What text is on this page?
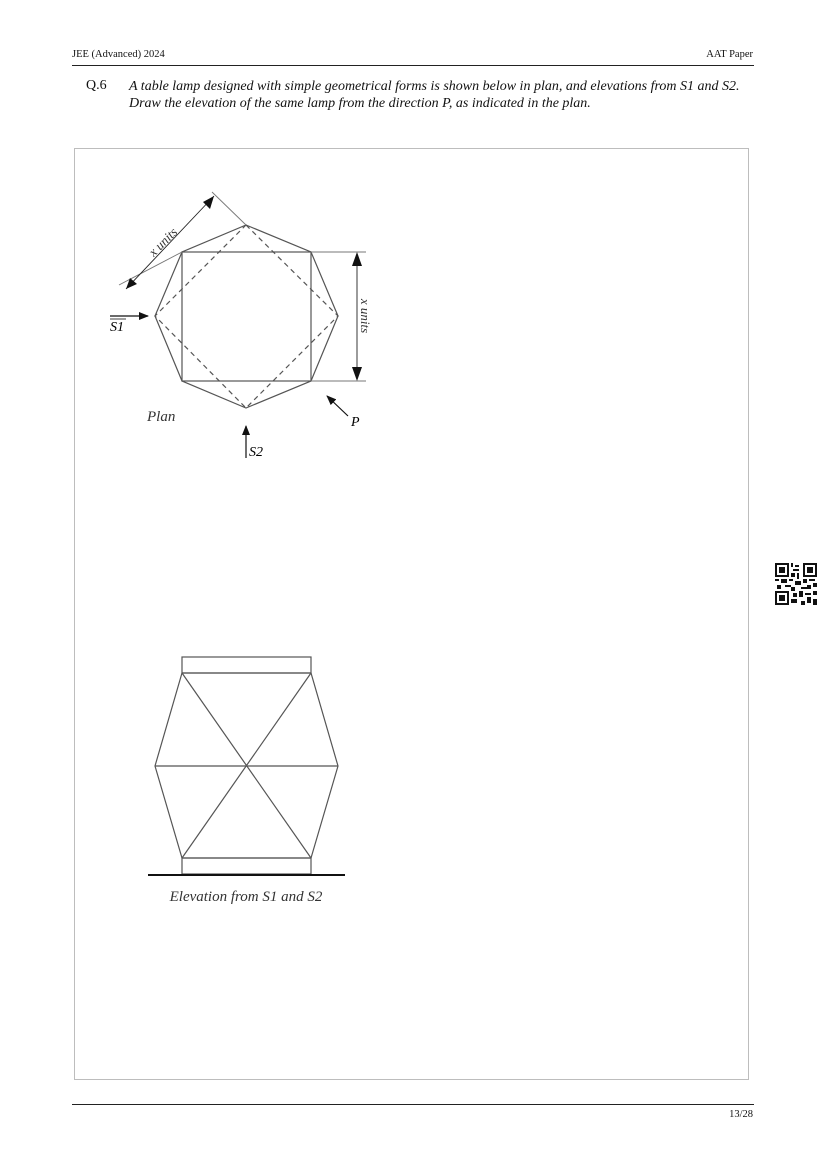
JEE (Advanced) 2024	AAT Paper
Q.6 A table lamp designed with simple geometrical forms is shown below in plan, and elevations from S1 and S2. Draw the elevation of the same lamp from the direction P, as indicated in the plan.
x units
x units
S1
S2
P
Plan
Elevation from S1 and S2
13/28
